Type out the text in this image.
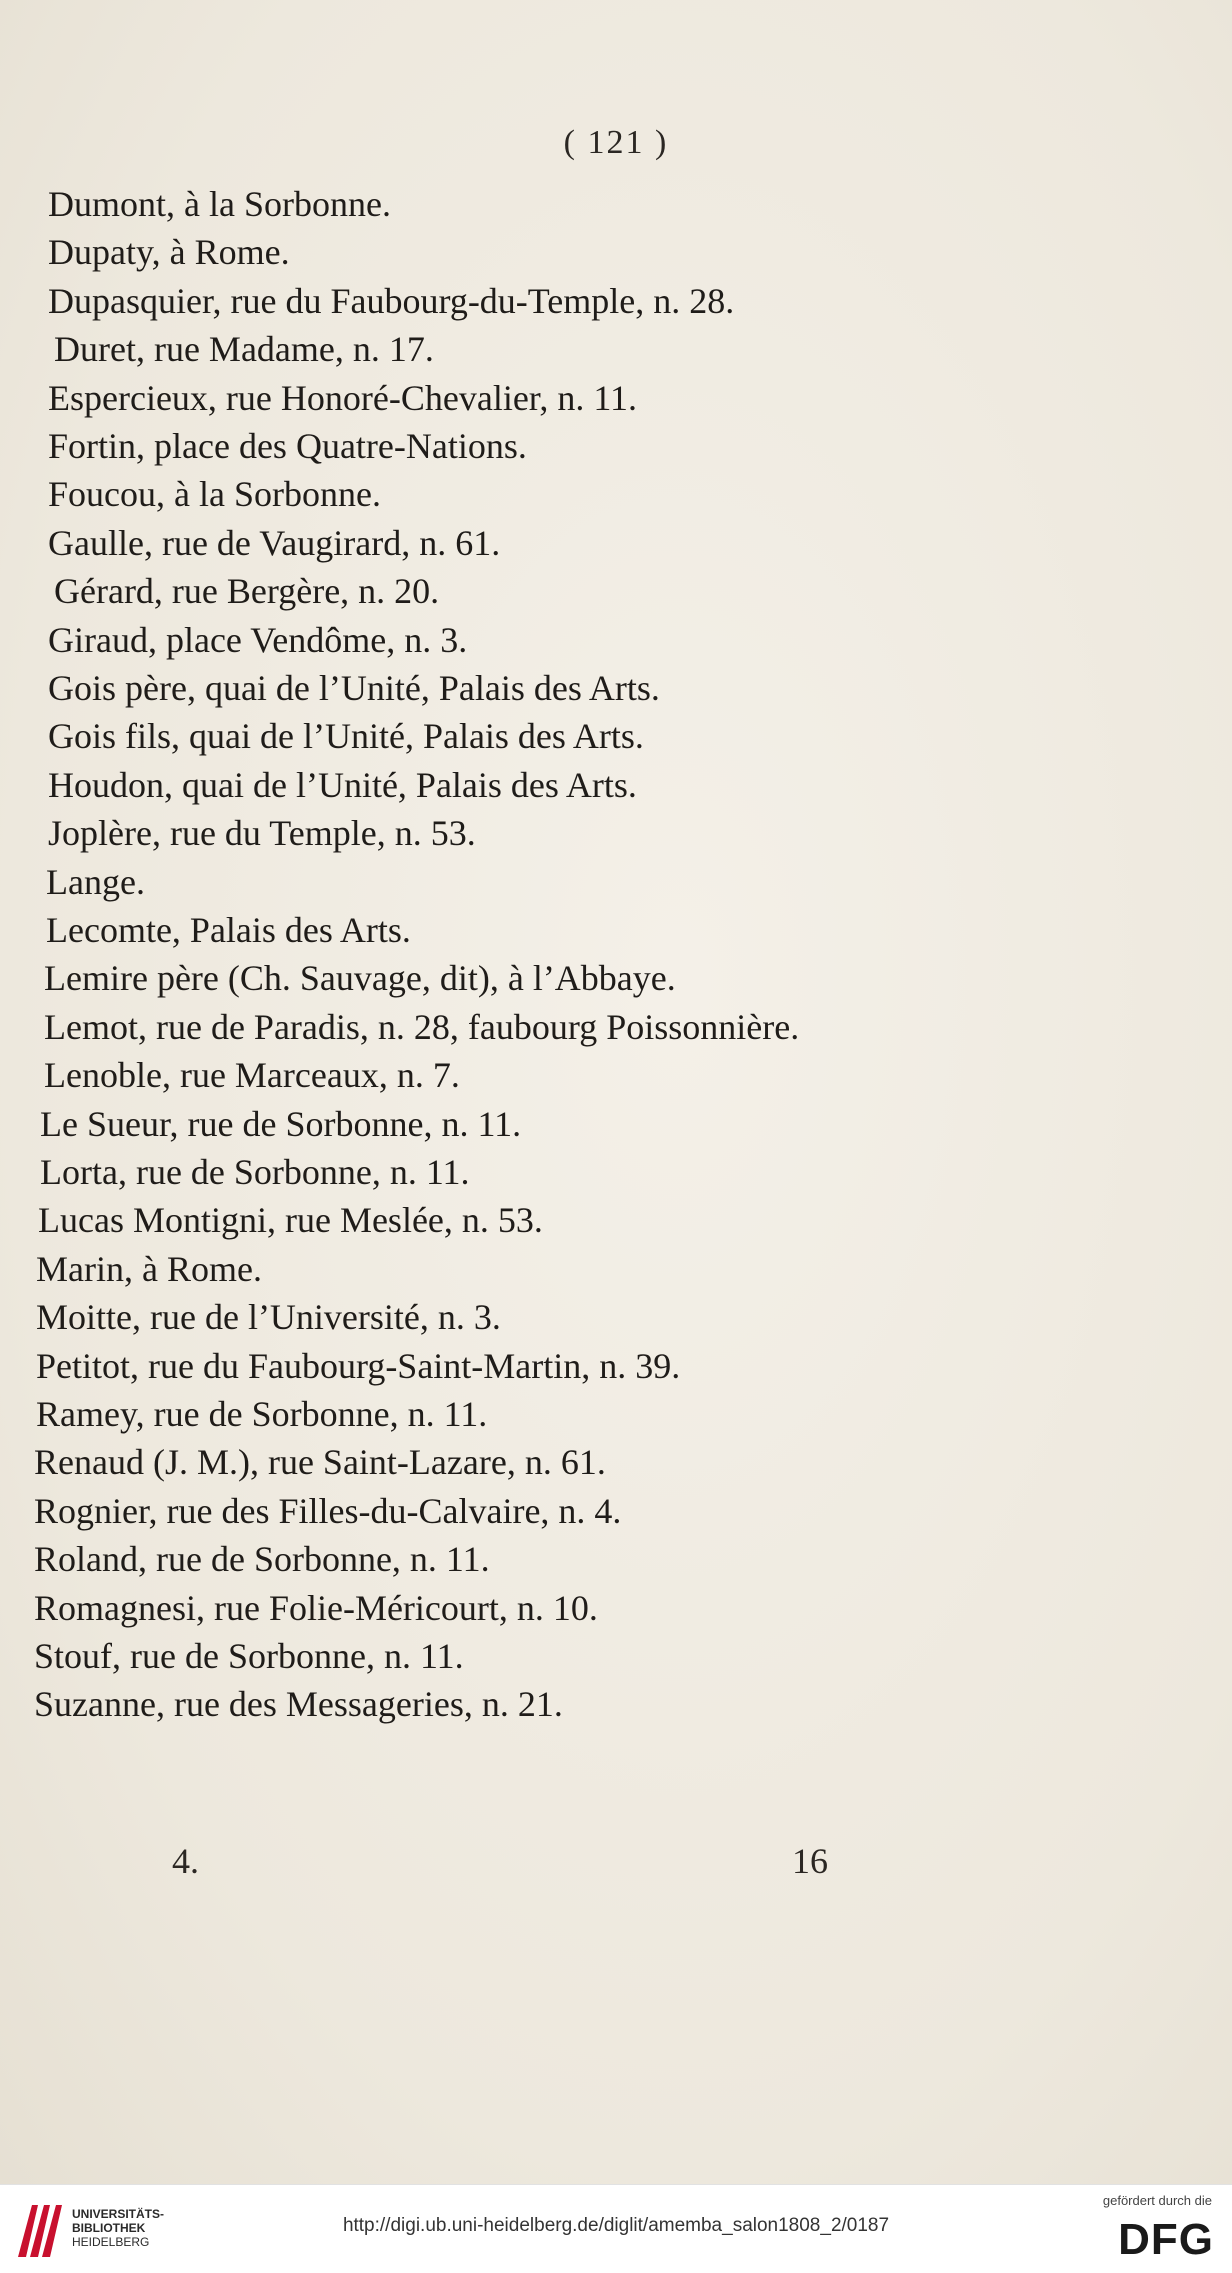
( 121 )
Dumont, à la Sorbonne.
Dupaty, à Rome.
Dupasquier, rue du Faubourg-du-Temple, n. 28.
Duret, rue Madame, n. 17.
Espercieux, rue Honoré-Chevalier, n. 11.
Fortin, place des Quatre-Nations.
Foucou, à la Sorbonne.
Gaulle, rue de Vaugirard, n. 61.
Gérard, rue Bergère, n. 20.
Giraud, place Vendôme, n. 3.
Gois père, quai de l’Unité, Palais des Arts.
Gois fils, quai de l’Unité, Palais des Arts.
Houdon, quai de l’Unité, Palais des Arts.
Joplère, rue du Temple, n. 53.
Lange.
Lecomte, Palais des Arts.
Lemire père (Ch. Sauvage, dit), à l’Abbaye.
Lemot, rue de Paradis, n. 28, faubourg Poissonnière.
Lenoble, rue Marceaux, n. 7.
Le Sueur, rue de Sorbonne, n. 11.
Lorta, rue de Sorbonne, n. 11.
Lucas Montigni, rue Meslée, n. 53.
Marin, à Rome.
Moitte, rue de l’Université, n. 3.
Petitot, rue du Faubourg-Saint-Martin, n. 39.
Ramey, rue de Sorbonne, n. 11.
Renaud (J. M.), rue Saint-Lazare, n. 61.
Rognier, rue des Filles-du-Calvaire, n. 4.
Roland, rue de Sorbonne, n. 11.
Romagnesi, rue Folie-Méricourt, n. 10.
Stouf, rue de Sorbonne, n. 11.
Suzanne, rue des Messageries, n. 21.
4.	16
UNIVERSITÄTS-
BIBLIOTHEK
HEIDELBERG
http://digi.ub.uni-heidelberg.de/diglit/amemba_salon1808_2/0187
gefördert durch die
DFG
